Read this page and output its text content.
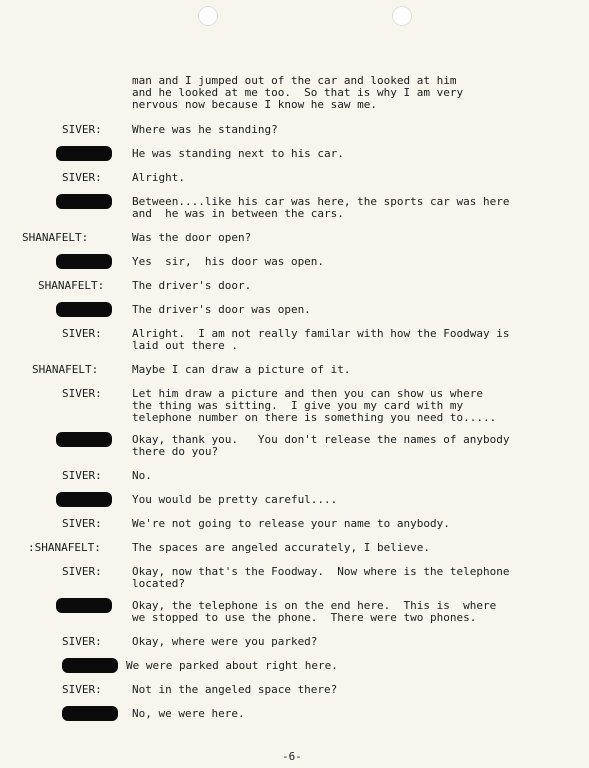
man and I jumped out of the car and looked at him
and he looked at me too.  So that is why I am very
nervous now because I know he saw me.
SIVER:	Where was he standing?
He was standing next to his car.
SIVER:	Alright.
Between....like his car was here, the sports car was here
and  he was in between the cars.
SHANAFELT:	Was the door open?
Yes  sir,  his door was open.
SHANAFELT:	The driver's door.
The driver's door was open.
SIVER:	Alright.  I am not really familar with how the Foodway is
laid out there .
SHANAFELT:	Maybe I can draw a picture of it.
SIVER:	Let him draw a picture and then you can show us where
the thing was sitting.  I give you my card with my
telephone number on there is something you need to.....
Okay, thank you.   You don't release the names of anybody
there do you?
SIVER:	No.
You would be pretty careful....
SIVER:	We're not going to release your name to anybody.
:SHANAFELT:	The spaces are angeled accurately, I believe.
SIVER:	Okay, now that's the Foodway.  Now where is the telephone
located?
Okay, the telephone is on the end here.  This is  where
we stopped to use the phone.  There were two phones.
SIVER:	Okay, where were you parked?
We were parked about right here.
SIVER:	Not in the angeled space there?
No, we were here.
-6-
